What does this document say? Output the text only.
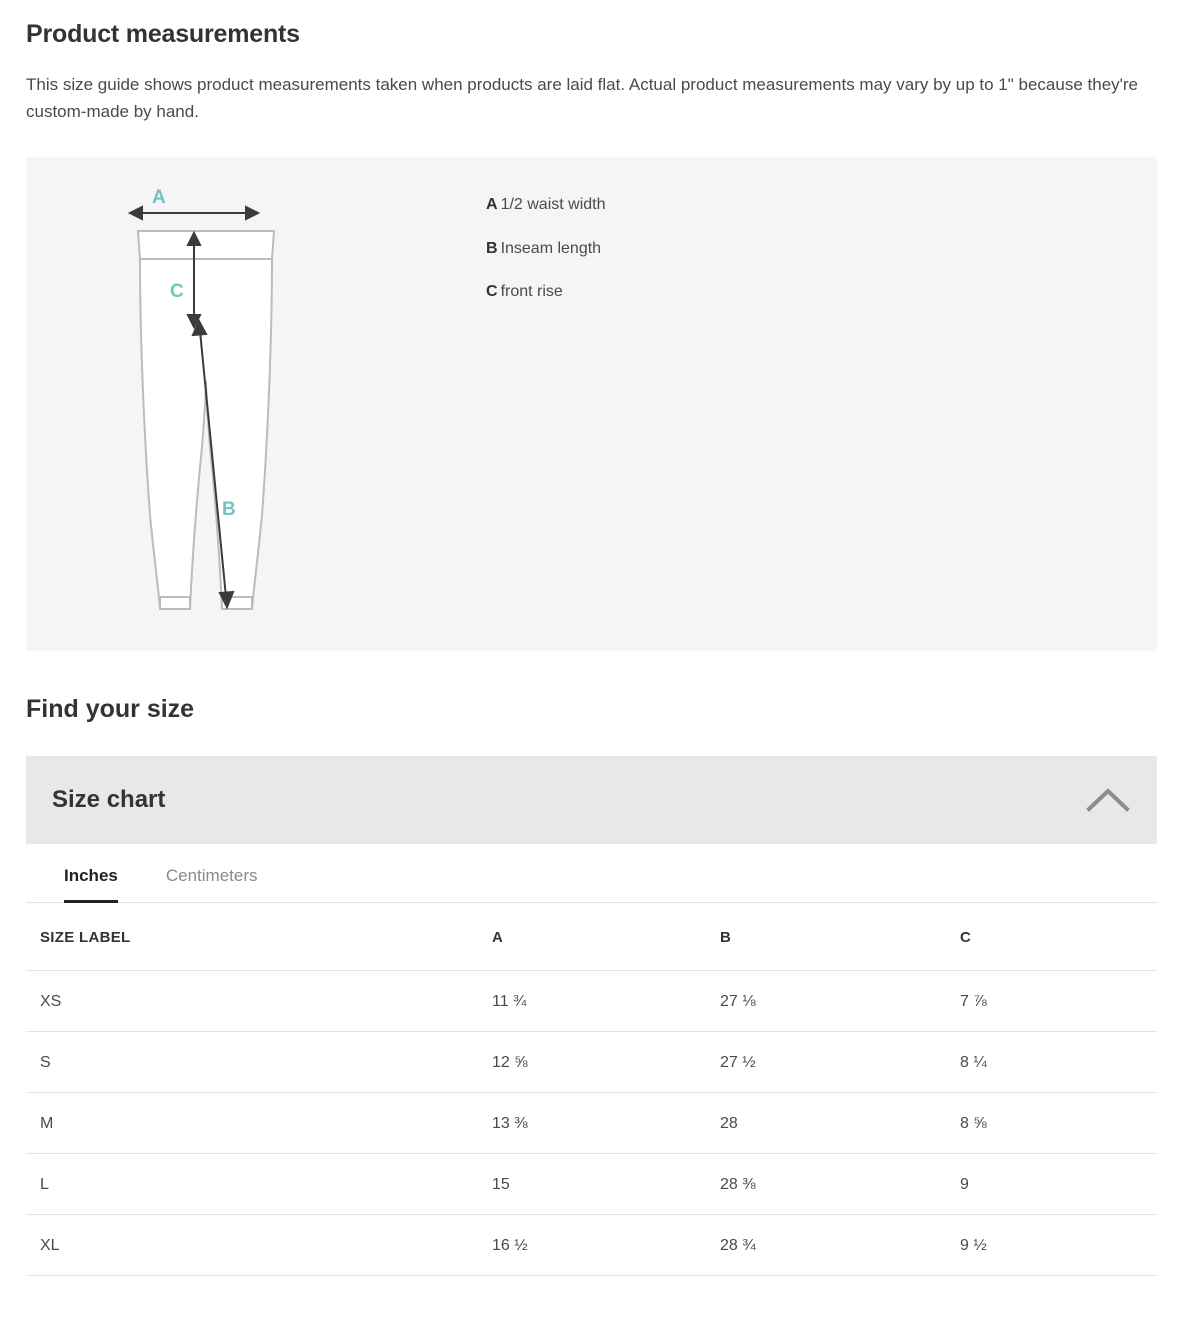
Product measurements

This size guide shows product measurements taken when products are laid flat. Actual product measurements may vary by up to 1" because they're custom-made by hand.

A
C
B
A 1/2 waist width
B Inseam length
C front rise
Find your size
Size chart
Inches	Centimeters
SIZE LABEL	A	B	C
XS	11 ¾	27 ⅛	7 ⅞
S	12 ⅝	27 ½	8 ¼
M	13 ⅜	28	8 ⅝
L	15	28 ⅜	9
XL	16 ½	28 ¾	9 ½
